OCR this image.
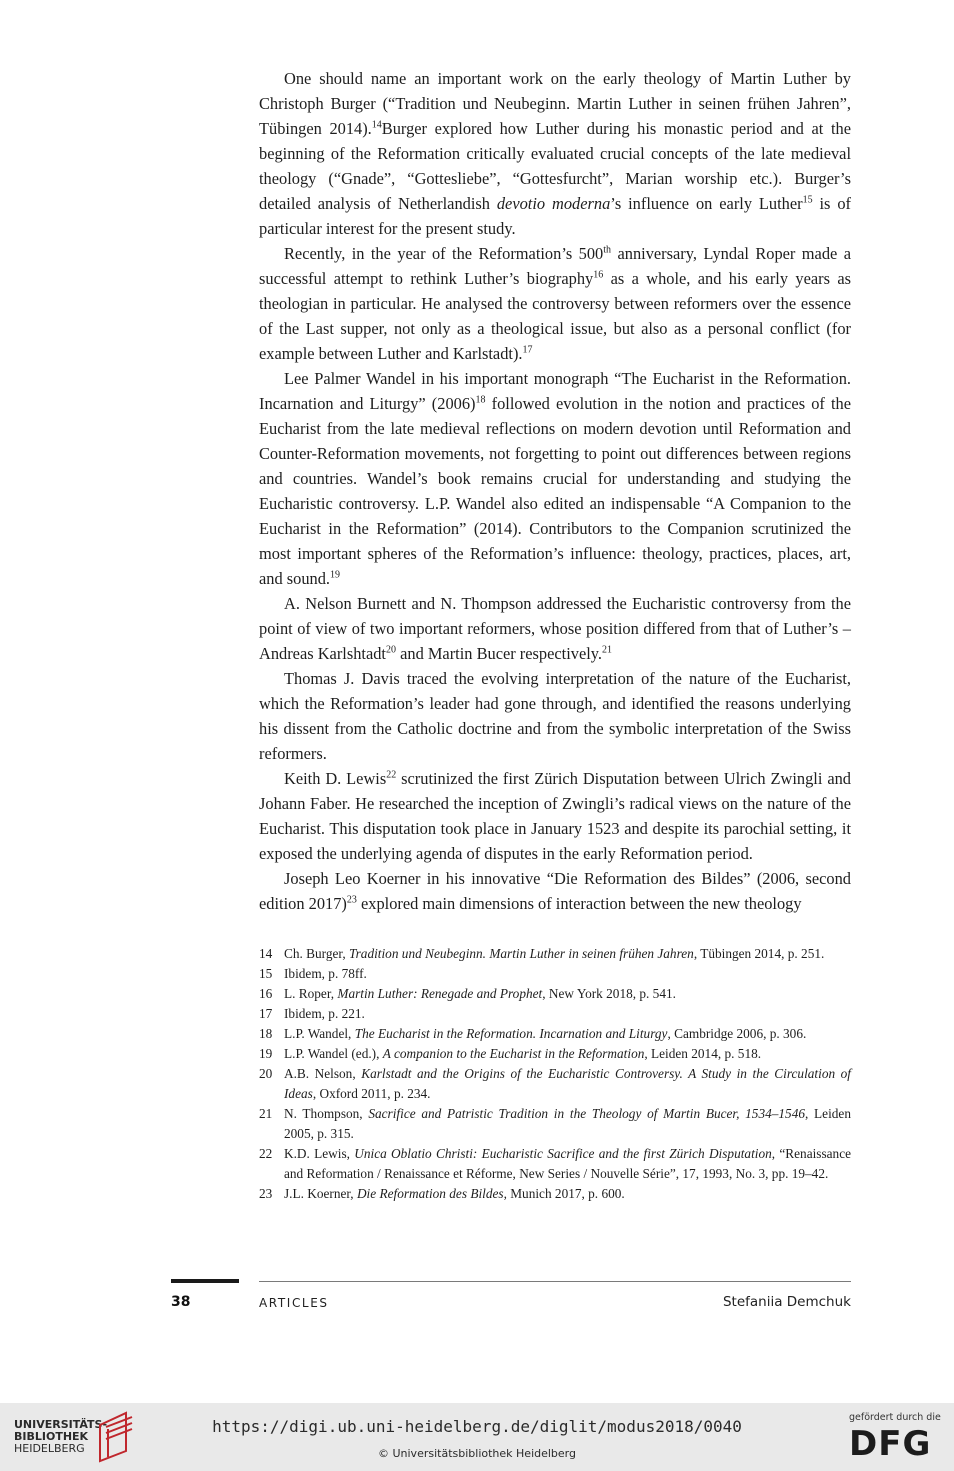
One should name an important work on the early theology of Martin Luther by Christoph Burger (“Tradition und Neubeginn. Martin Luther in seinen frühen Jahren”, Tübingen 2014).$^{14}$Burger explored how Luther during his monastic period and at the beginning of the Reformation critically evaluated crucial concepts of the late medieval theology (“Gnade”, “Gottesliebe”, “Gottesfurcht”, Marian worship etc.). Burger’s detailed analysis of Netherlandish devotio moderna’s influence on early Luther$^{15}$ is of particular interest for the present study.

Recently, in the year of the Reformation’s 500th anniversary, Lyndal Roper made a successful attempt to rethink Luther’s biography$^{16}$ as a whole, and his early years as theologian in particular. He analysed the controversy between reformers over the essence of the Last supper, not only as a theological issue, but also as a personal conflict (for example between Luther and Karlstadt).$^{17}$

Lee Palmer Wandel in his important monograph “The Eucharist in the Reformation. Incarnation and Liturgy” $(2006)^{18}$ followed evolution in the notion and practices of the Eucharist from the late medieval reflections on modern devotion until Reformation and Counter-Reformation movements, not forgetting to point out differences between regions and countries. Wandel’s book remains crucial for understanding and studying the Eucharistic controversy. L.P. Wandel also edited an indispensable “A Companion to the Eucharist in the Reformation” (2014). Contributors to the Companion scrutinized the most important spheres of the Reformation’s influence: theology, practices, places, art, and sound.$^{19}$

A. Nelson Burnett and N. Thompson addressed the Eucharistic controversy from the point of view of two important reformers, whose position differed from that of Luther’s – Andreas Karlshtadt$^{20}$ and Martin Bucer respectively.$^{21}$

Thomas J. Davis traced the evolving interpretation of the nature of the Eucharist, which the Reformation’s leader had gone through, and identified the reasons underlying his dissent from the Catholic doctrine and from the symbolic interpretation of the Swiss reformers.

Keith D. Lewis$^{22}$ scrutinized the first Zürich Disputation between Ulrich Zwingli and Johann Faber. He researched the inception of Zwingli’s radical views on the nature of the Eucharist. This disputation took place in January 1523 and despite its parochial setting, it exposed the underlying agenda of disputes in the early Reformation period.

Joseph Leo Koerner in his innovative “Die Reformation des Bildes” (2006, second edition 2017)$^{23}$ explored main dimensions of interaction between the new theology

14 Ch. Burger, Tradition und Neubeginn. Martin Luther in seinen frühen Jahren, Tübingen 2014, p. 251.
15 Ibidem, p. 78ff.
16 L. Roper, Martin Luther: Renegade and Prophet, New York 2018, p. 541.
17 Ibidem, p. 221.
18 L.P. Wandel, The Eucharist in the Reformation. Incarnation and Liturgy, Cambridge 2006, p. 306.
19 L.P. Wandel (ed.), A companion to the Eucharist in the Reformation, Leiden 2014, p. 518.
20 A.B. Nelson, Karlstadt and the Origins of the Eucharistic Controversy. A Study in the Circulation of Ideas, Oxford 2011, p. 234.
21 N. Thompson, Sacrifice and Patristic Tradition in the Theology of Martin Bucer, 1534–1546, Leiden 2005, p. 315.
22 K.D. Lewis, Unica Oblatio Christi: Eucharistic Sacrifice and the first Zürich Disputation, “Renaissance and Reformation / Renaissance et Réforme, New Series / Nouvelle Série”, 17, 1993, No. 3, pp. 19–42.
23 J.L. Koerner, Die Reformation des Bildes, Munich 2017, p. 600.
38	ARTICLES	Stefaniia Demchuk
UNIVERSITÄTS-
BIBLIOTHEK
HEIDELBERG
https://digi.ub.uni-heidelberg.de/diglit/modus2018/0040
© Universitätsbibliothek Heidelberg
gefördert durch die
DFG
